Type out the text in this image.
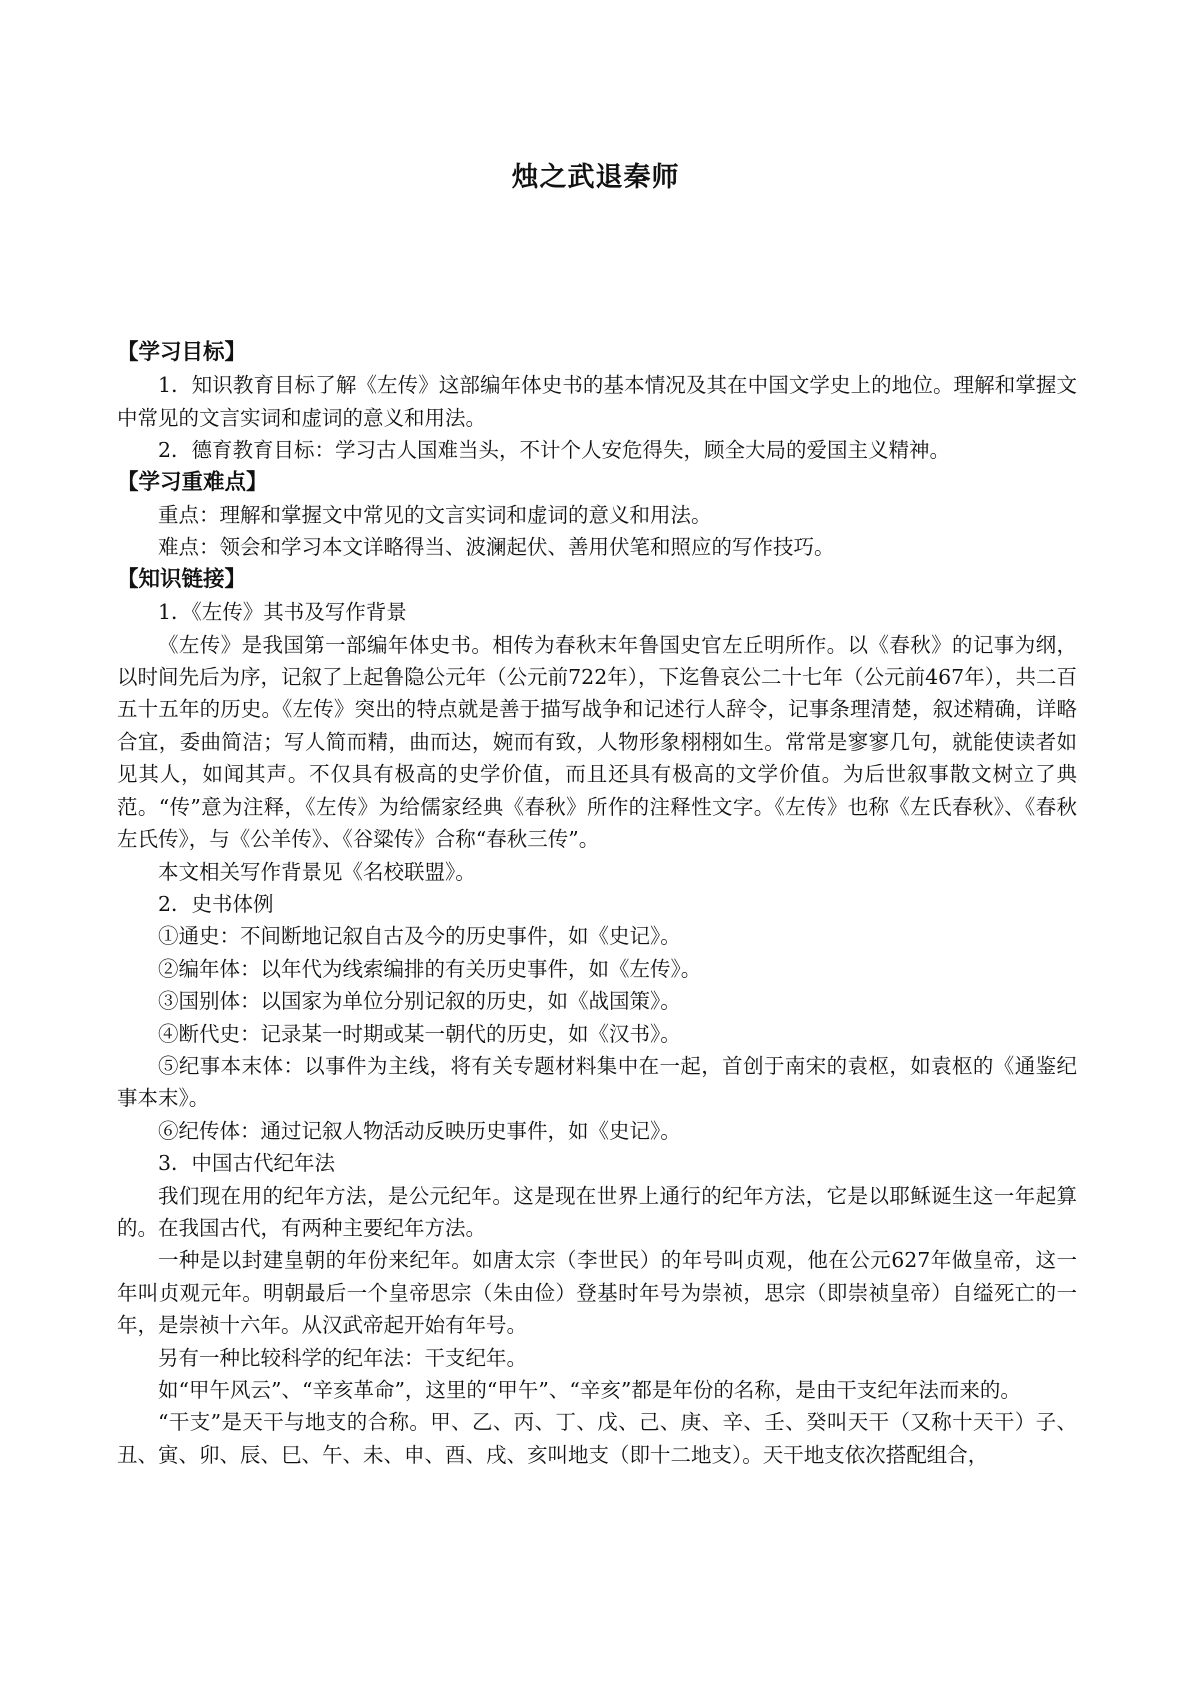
烛之武退秦师
【学习目标】

1．知识教育目标了解《左传》这部编年体史书的基本情况及其在中国文学史上的地位。理解和掌握文中常见的文言实词和虚词的意义和用法。

2．德育教育目标：学习古人国难当头，不计个人安危得失，顾全大局的爱国主义精神。

【学习重难点】

重点：理解和掌握文中常见的文言实词和虚词的意义和用法。

难点：领会和学习本文详略得当、波澜起伏、善用伏笔和照应的写作技巧。

【知识链接】

1．《左传》其书及写作背景

《左传》是我国第一部编年体史书。相传为春秋末年鲁国史官左丘明所作。以《春秋》的记事为纲，以时间先后为序，记叙了上起鲁隐公元年（公元前722年），下迄鲁哀公二十七年（公元前467年），共二百五十五年的历史。《左传》突出的特点就是善于描写战争和记述行人辞令，记事条理清楚，叙述精确，详略合宜，委曲简洁；写人简而精，曲而达，婉而有致，人物形象栩栩如生。常常是寥寥几句，就能使读者如见其人，如闻其声。不仅具有极高的史学价值，而且还具有极高的文学价值。为后世叙事散文树立了典范。“传”意为注释，《左传》为给儒家经典《春秋》所作的注释性文字。《左传》也称《左氏春秋》、《春秋左氏传》，与《公羊传》、《谷粱传》合称“春秋三传”。

本文相关写作背景见《名校联盟》。

2．史书体例

①通史：不间断地记叙自古及今的历史事件，如《史记》。

②编年体：以年代为线索编排的有关历史事件，如《左传》。

③国别体：以国家为单位分别记叙的历史，如《战国策》。

④断代史：记录某一时期或某一朝代的历史，如《汉书》。

⑤纪事本末体：以事件为主线，将有关专题材料集中在一起，首创于南宋的袁枢，如袁枢的《通鉴纪事本末》。

⑥纪传体：通过记叙人物活动反映历史事件，如《史记》。

3．中国古代纪年法

我们现在用的纪年方法，是公元纪年。这是现在世界上通行的纪年方法，它是以耶稣诞生这一年起算的。在我国古代，有两种主要纪年方法。

一种是以封建皇朝的年份来纪年。如唐太宗（李世民）的年号叫贞观，他在公元627年做皇帝，这一年叫贞观元年。明朝最后一个皇帝思宗（朱由俭）登基时年号为崇祯，思宗（即崇祯皇帝）自缢死亡的一年，是崇祯十六年。从汉武帝起开始有年号。

另有一种比较科学的纪年法：干支纪年。

如“甲午风云”、“辛亥革命”，这里的“甲午”、“辛亥”都是年份的名称，是由干支纪年法而来的。

“干支”是天干与地支的合称。甲、乙、丙、丁、戊、己、庚、辛、壬、癸叫天干（又称十天干）子、丑、寅、卯、辰、巳、午、未、申、酉、戌、亥叫地支（即十二地支）。天干地支依次搭配组合，
